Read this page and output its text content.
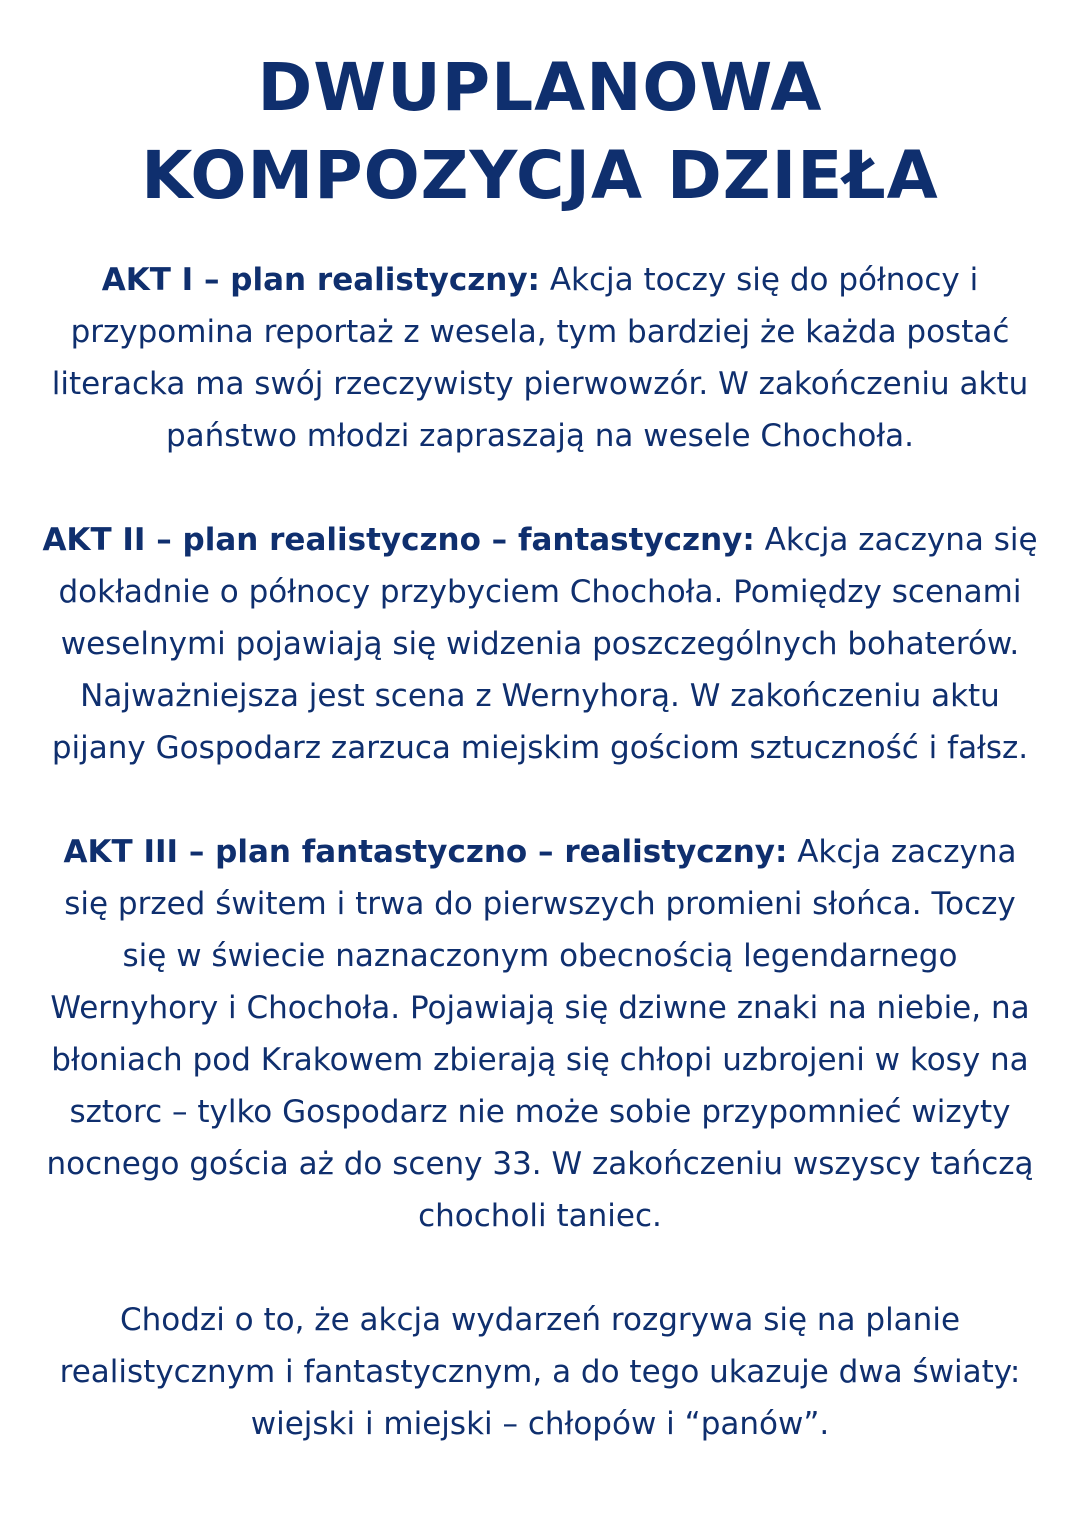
DWUPLANOWA
KOMPOZYCJA DZIEŁA

AKT I – plan realistyczny: Akcja toczy się do północy i przypomina reportaż z wesela, tym bardziej że każda postać literacka ma swój rzeczywisty pierwowzór. W zakończeniu aktu państwo młodzi zapraszają na wesele Chochoła.

AKT II – plan realistyczno – fantastyczny: Akcja zaczyna się dokładnie o północy przybyciem Chochoła. Pomiędzy scenami weselnymi pojawiają się widzenia poszczególnych bohaterów. Najważniejsza jest scena z Wernyhorą. W zakończeniu aktu pijany Gospodarz zarzuca miejskim gościom sztuczność i fałsz.

AKT III – plan fantastyczno – realistyczny: Akcja zaczyna się przed świtem i trwa do pierwszych promieni słońca. Toczy się w świecie naznaczonym obecnością legendarnego Wernyhory i Chochoła. Pojawiają się dziwne znaki na niebie, na błoniach pod Krakowem zbierają się chłopi uzbrojeni w kosy na sztorc – tylko Gospodarz nie może sobie przypomnieć wizyty nocnego gościa aż do sceny 33. W zakończeniu wszyscy tańczą chocholi taniec.

Chodzi o to, że akcja wydarzeń rozgrywa się na planie realistycznym i fantastycznym, a do tego ukazuje dwa światy: wiejski i miejski – chłopów i “panów”.
